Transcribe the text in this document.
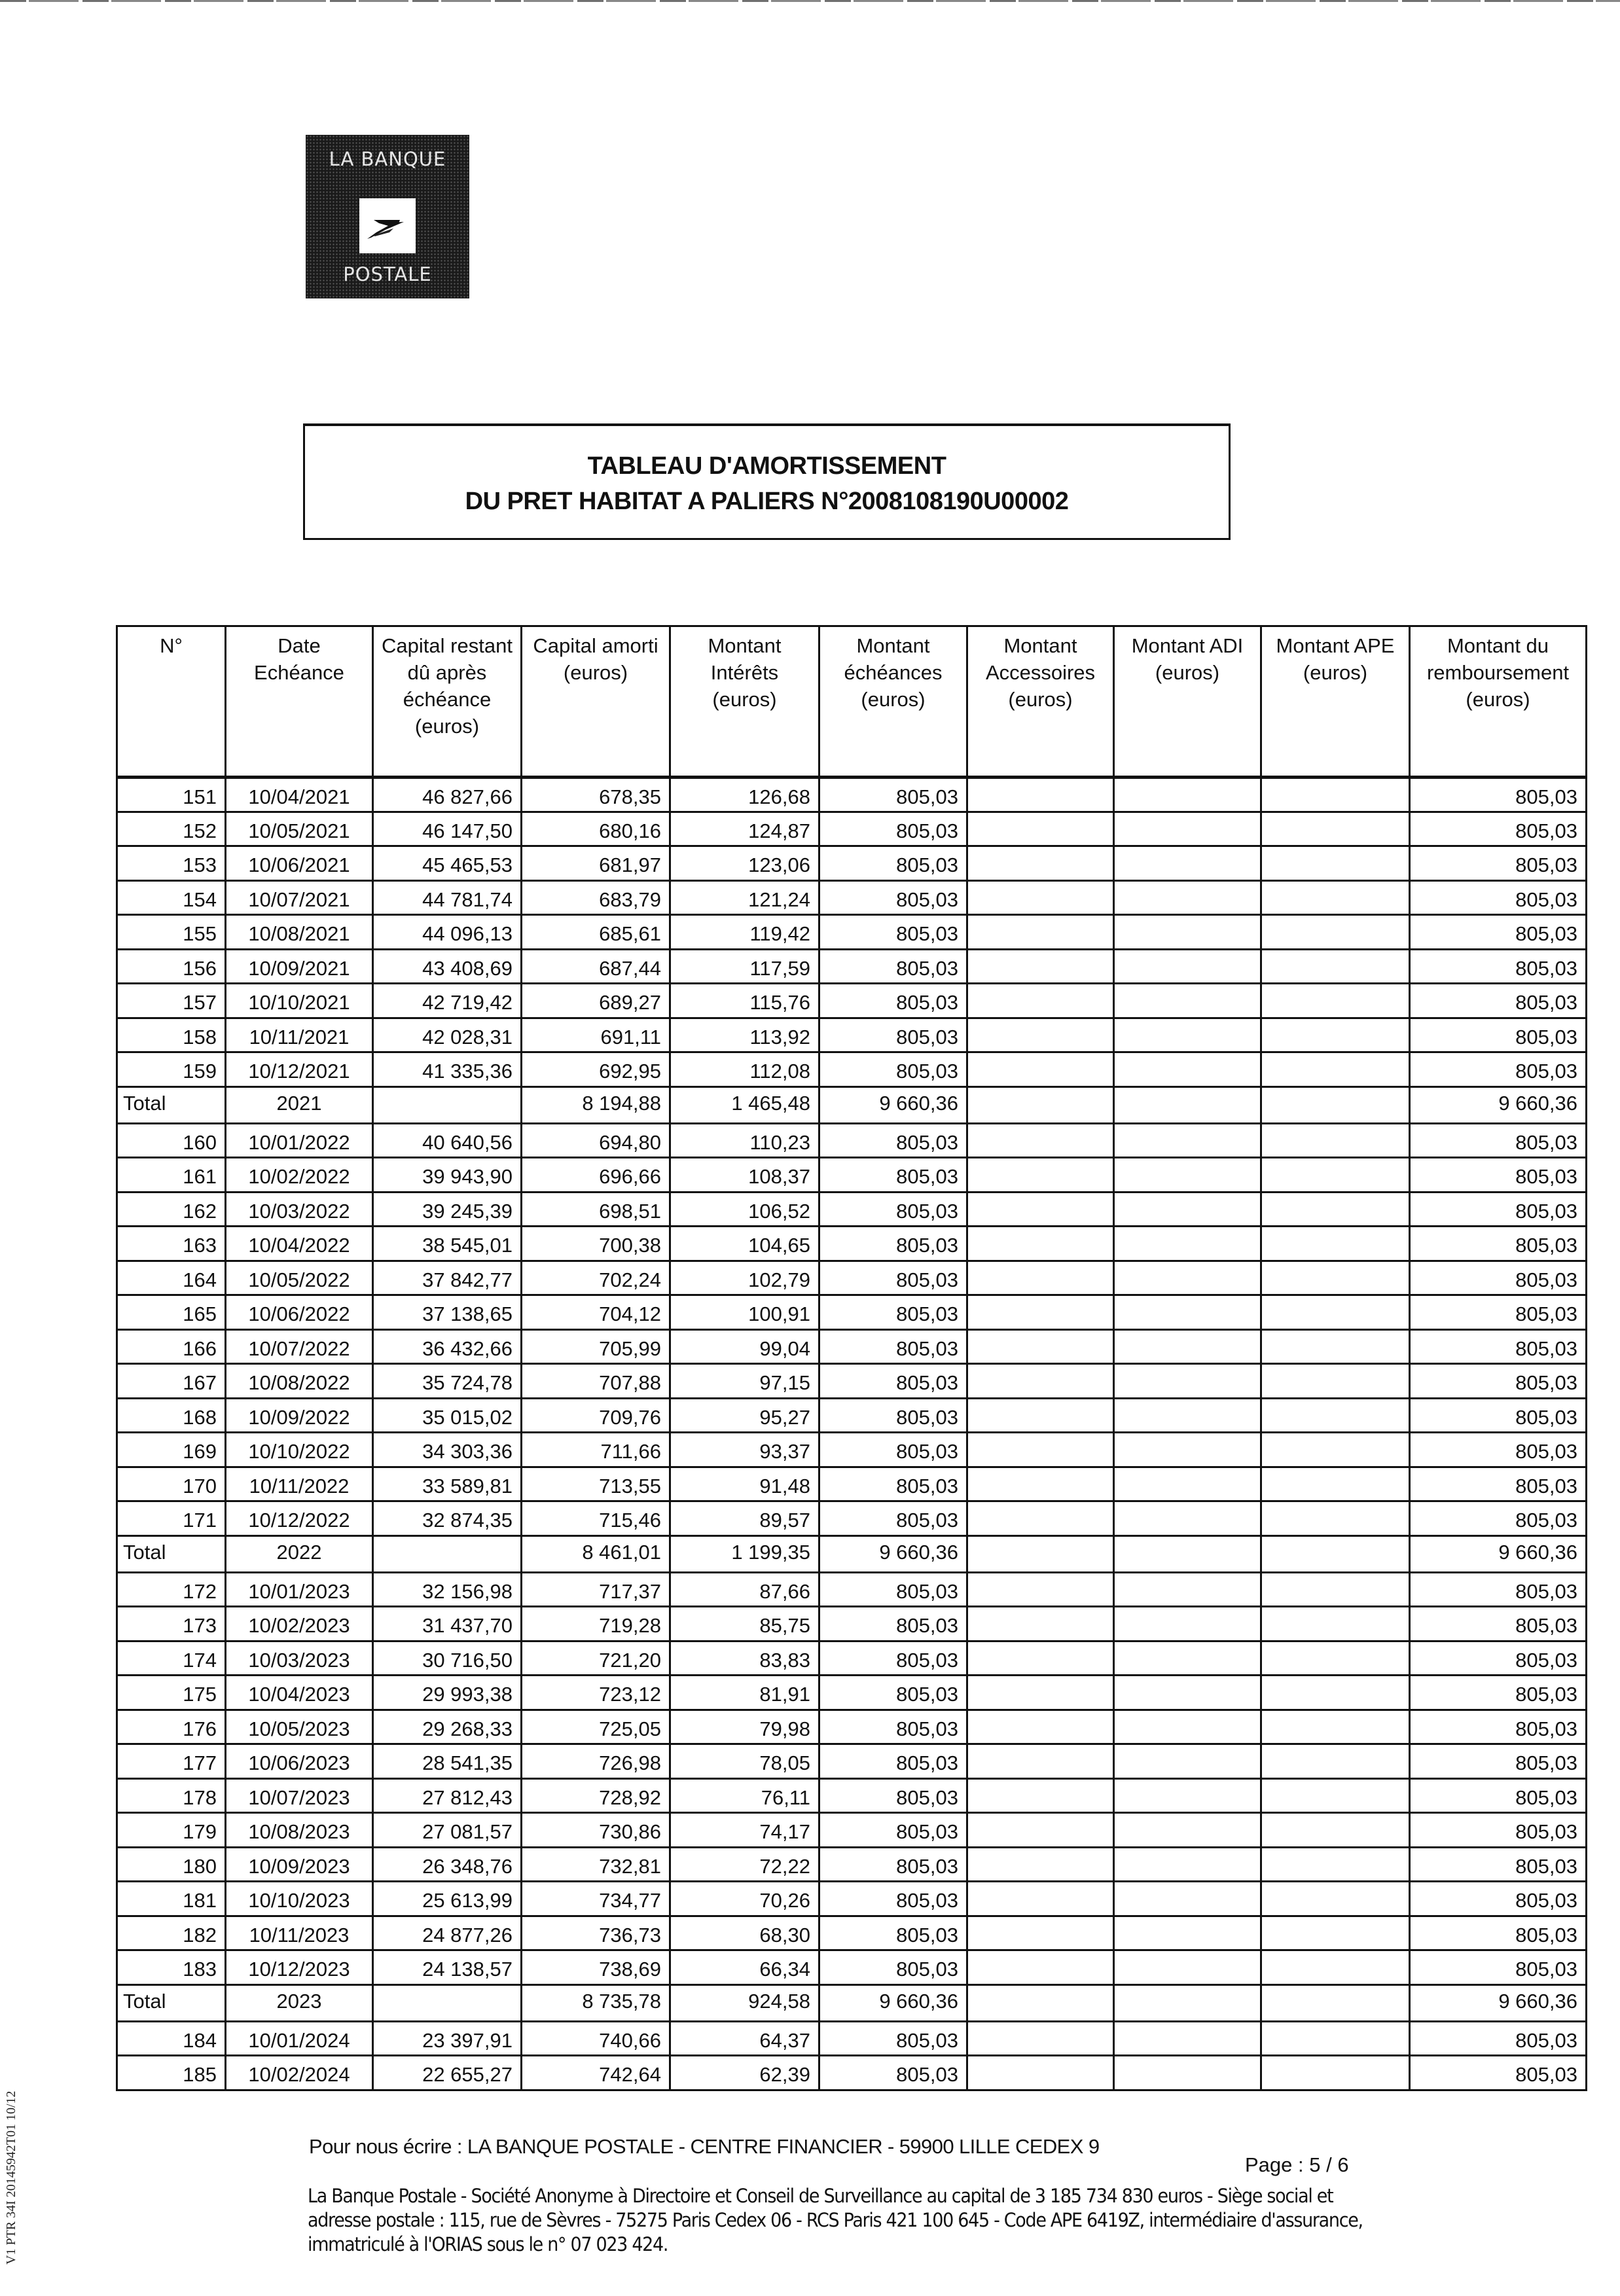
LA BANQUE
POSTALE
TABLEAU D'AMORTISSEMENT
DU PRET HABITAT A PALIERS N°2008108190U00002
N°	Date Echéance	Capital restant dû après échéance (euros)	Capital amorti (euros)	Montant Intérêts (euros)	Montant échéances (euros)	Montant Accessoires (euros)	Montant ADI (euros)	Montant APE (euros)	Montant du remboursement (euros)
151	10/04/2021	46 827,66	678,35	126,68	805,03				805,03
152	10/05/2021	46 147,50	680,16	124,87	805,03				805,03
153	10/06/2021	45 465,53	681,97	123,06	805,03				805,03
154	10/07/2021	44 781,74	683,79	121,24	805,03				805,03
155	10/08/2021	44 096,13	685,61	119,42	805,03				805,03
156	10/09/2021	43 408,69	687,44	117,59	805,03				805,03
157	10/10/2021	42 719,42	689,27	115,76	805,03				805,03
158	10/11/2021	42 028,31	691,11	113,92	805,03				805,03
159	10/12/2021	41 335,36	692,95	112,08	805,03				805,03
Total	2021		8 194,88	1 465,48	9 660,36				9 660,36
160	10/01/2022	40 640,56	694,80	110,23	805,03				805,03
161	10/02/2022	39 943,90	696,66	108,37	805,03				805,03
162	10/03/2022	39 245,39	698,51	106,52	805,03				805,03
163	10/04/2022	38 545,01	700,38	104,65	805,03				805,03
164	10/05/2022	37 842,77	702,24	102,79	805,03				805,03
165	10/06/2022	37 138,65	704,12	100,91	805,03				805,03
166	10/07/2022	36 432,66	705,99	99,04	805,03				805,03
167	10/08/2022	35 724,78	707,88	97,15	805,03				805,03
168	10/09/2022	35 015,02	709,76	95,27	805,03				805,03
169	10/10/2022	34 303,36	711,66	93,37	805,03				805,03
170	10/11/2022	33 589,81	713,55	91,48	805,03				805,03
171	10/12/2022	32 874,35	715,46	89,57	805,03				805,03
Total	2022		8 461,01	1 199,35	9 660,36				9 660,36
172	10/01/2023	32 156,98	717,37	87,66	805,03				805,03
173	10/02/2023	31 437,70	719,28	85,75	805,03				805,03
174	10/03/2023	30 716,50	721,20	83,83	805,03				805,03
175	10/04/2023	29 993,38	723,12	81,91	805,03				805,03
176	10/05/2023	29 268,33	725,05	79,98	805,03				805,03
177	10/06/2023	28 541,35	726,98	78,05	805,03				805,03
178	10/07/2023	27 812,43	728,92	76,11	805,03				805,03
179	10/08/2023	27 081,57	730,86	74,17	805,03				805,03
180	10/09/2023	26 348,76	732,81	72,22	805,03				805,03
181	10/10/2023	25 613,99	734,77	70,26	805,03				805,03
182	10/11/2023	24 877,26	736,73	68,30	805,03				805,03
183	10/12/2023	24 138,57	738,69	66,34	805,03				805,03
Total	2023		8 735,78	924,58	9 660,36				9 660,36
184	10/01/2024	23 397,91	740,66	64,37	805,03				805,03
185	10/02/2024	22 655,27	742,64	62,39	805,03				805,03
Pour nous écrire : LA BANQUE POSTALE - CENTRE FINANCIER - 59900 LILLE CEDEX 9
Page : 5 / 6
La Banque Postale - Société Anonyme à Directoire et Conseil de Surveillance au capital de 3 185 734 830 euros - Siège social et adresse postale : 115, rue de Sèvres - 75275 Paris Cedex 06 - RCS Paris 421 100 645 - Code APE 6419Z, intermédiaire d'assurance, immatriculé à l'ORIAS sous le n° 07 023 424.
V1 PTR 34I 20145942T01 10/12
